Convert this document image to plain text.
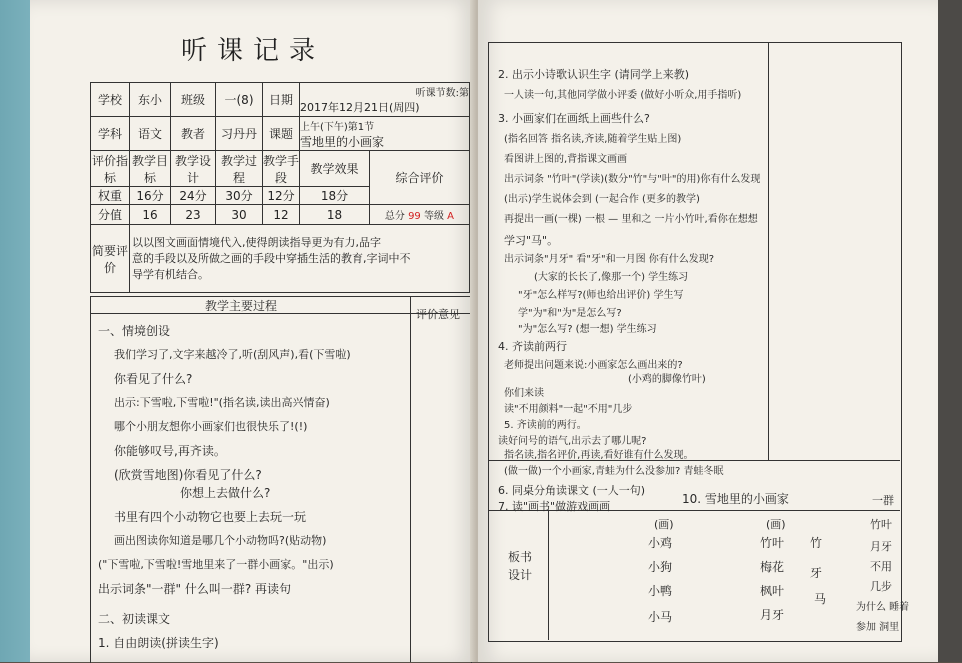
听课记录
学校	东小	班级	一(8)	日期	听课节数:第
2017年12月21日(周四)	

学科	语文	教者	习丹丹	课题	上午(下午)第1节
雪地里的小画家	

评价指标	教学目标	教学设计	教学过程	教学手段	教学效果	综合评价
权重	16分	24分	30分	12分	18分	
分值	16	23	30	12	18	总分 99 等级 A
简要评价	以以图文画面情境代入,使得朗读指导更为有力,品字
意的手段以及所做之画的手段中穿插生活的教育,字词中不
导学有机结合。					
教学主要过程
评价意见
一、情境创设
我们学习了,文字来越冷了,听(刮风声),看(下雪啦)
你看见了什么?
出示:下雪啦,下雪啦!"(指名读,读出高兴情奋)
哪个小朋友想你小画家们也很快乐了!(!)
你能够叹号,再齐读。
(欣赏雪地图)你看见了什么?
你想上去做什么?
书里有四个小动物它也要上去玩一玩
画出图读你知道是哪几个小动物吗?(贴动物)
("下雪啦,下雪啦!雪地里来了一群小画家。"出示)
出示词条"一群" 什么叫一群? 再读句
二、初读课文
1. 自由朗读(拼读生字)
2. 出示小诗歌认识生字 (请同学上来教)
一人读一句,其他同学做小评委 (做好小听众,用手指听)
3. 小画家们在画纸上画些什么?
(指名回答 指名读,齐读,随着学生贴上图)
看图讲上图的,背指课文画画
出示词条 "竹叶"(学读)(数分"竹"与"叶"的用)你有什么发现
(出示)学生说体会到 (一起合作 (更多的教学)
再提出一画(一棵) 一根 — 里和之 一片小竹叶,看你在想想
学习"马"。
出示词条"月牙" 看"牙"和一月图 你有什么发现?
(大家的长长了,像那一个) 学生练习
"牙"怎么样写?(师也给出评价) 学生写
学"为"和"为"是怎么写?
"为"怎么写? (想一想) 学生练习
4. 齐读前两行
老师提出问题来说:小画家怎么画出来的?
(小鸡的脚像竹叶)
你们来读
读"不用颜料"一起"不用"几步
5. 齐读前的两行。
读好问号的语气,出示去了哪儿呢?
指名读,指名评价,再读,看好谁有什么发现。
(做一做)一个小画家,青蛙为什么没参加? 青蛙冬眠
6. 同桌分角读课文 (一人一句)
7. 读"画书"做游戏画画
板书设计
10. 雪地里的小画家
(画)
小鸡
小狗
小鸭
小马
(画)
竹叶
梅花
枫叶
月牙
竹
牙
马
一群
竹叶
月牙
不用
几步
为什么 睡着
参加 洞里
